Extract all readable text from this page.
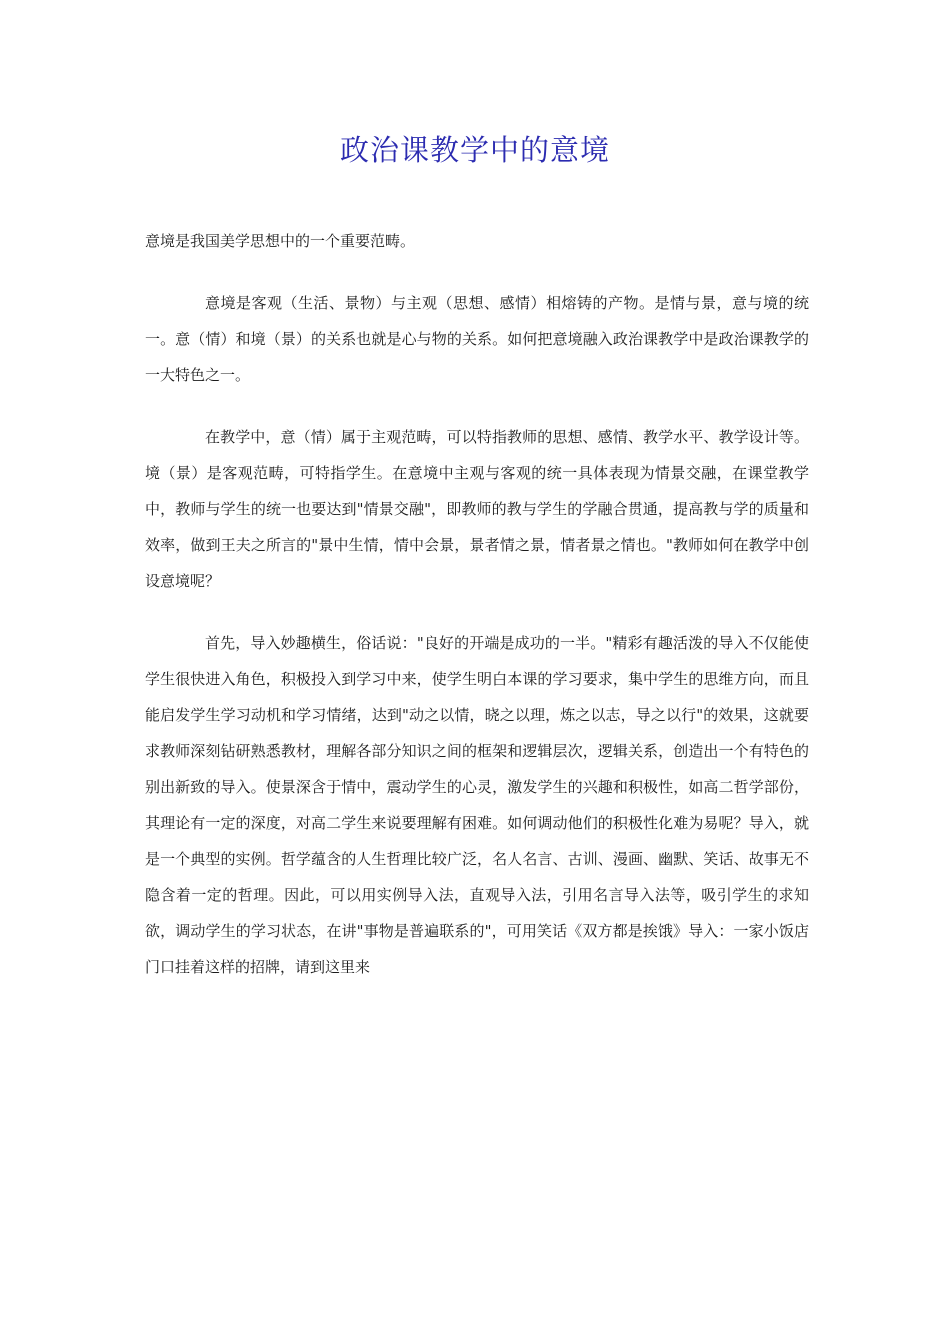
政治课教学中的意境

意境是我国美学思想中的一个重要范畴。

意境是客观（生活、景物）与主观（思想、感情）相熔铸的产物。是情与景，意与境的统一。意（情）和境（景）的关系也就是心与物的关系。如何把意境融入政治课教学中是政治课教学的一大特色之一。

在教学中，意（情）属于主观范畴，可以特指教师的思想、感情、教学水平、教学设计等。境（景）是客观范畴，可特指学生。在意境中主观与客观的统一具体表现为情景交融，在课堂教学中，教师与学生的统一也要达到"情景交融"，即教师的教与学生的学融合贯通，提高教与学的质量和效率，做到王夫之所言的"景中生情，情中会景，景者情之景，情者景之情也。"教师如何在教学中创设意境呢？

首先，导入妙趣横生，俗话说："良好的开端是成功的一半。"精彩有趣活泼的导入不仅能使学生很快进入角色，积极投入到学习中来，使学生明白本课的学习要求，集中学生的思维方向，而且能启发学生学习动机和学习情绪，达到"动之以情，晓之以理，炼之以志，导之以行"的效果，这就要求教师深刻钻研熟悉教材，理解各部分知识之间的框架和逻辑层次，逻辑关系，创造出一个有特色的别出新致的导入。使景深含于情中，震动学生的心灵，激发学生的兴趣和积极性，如高二哲学部份，其理论有一定的深度，对高二学生来说要理解有困难。如何调动他们的积极性化难为易呢？导入，就是一个典型的实例。哲学蕴含的人生哲理比较广泛，名人名言、古训、漫画、幽默、笑话、故事无不隐含着一定的哲理。因此，可以用实例导入法，直观导入法，引用名言导入法等，吸引学生的求知欲，调动学生的学习状态，在讲"事物是普遍联系的"，可用笑话《双方都是挨饿》导入：一家小饭店门口挂着这样的招牌，请到这里来
